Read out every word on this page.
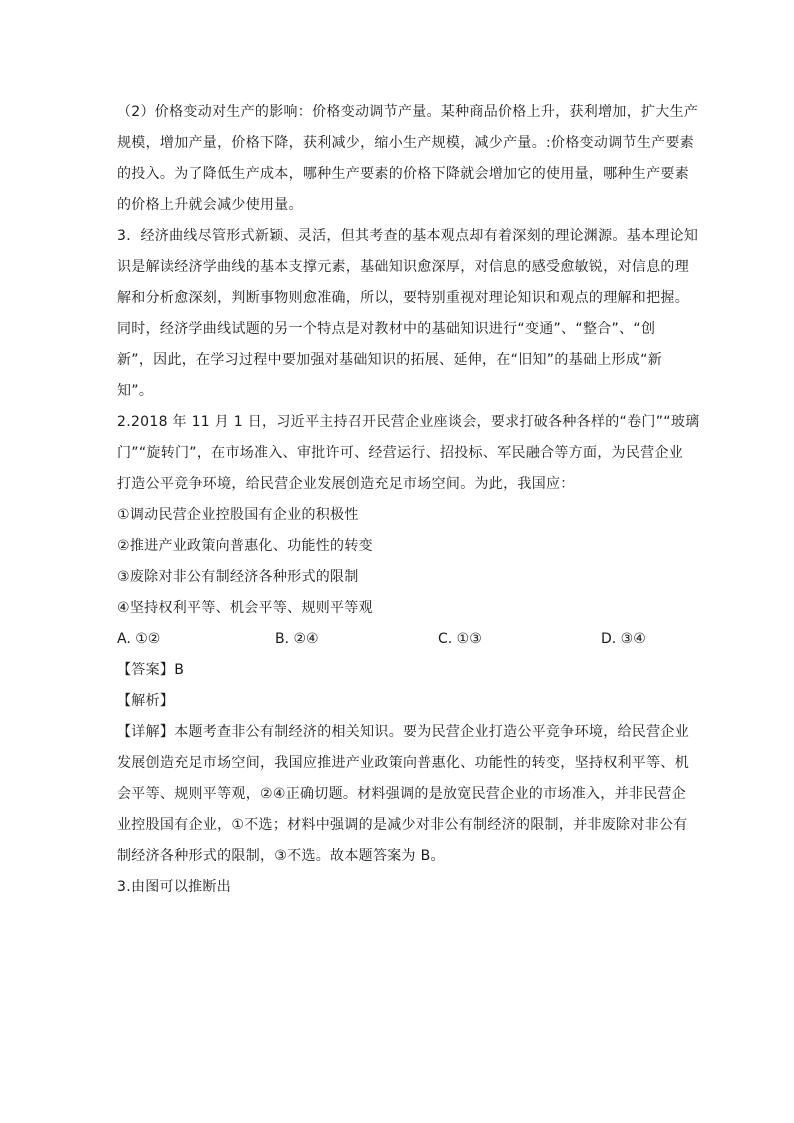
（2）价格变动对生产的影响：价格变动调节产量。某种商品价格上升，获利增加，扩大生产
规模，增加产量，价格下降，获利减少，缩小生产规模，减少产量。:价格变动调节生产要素
的投入。为了降低生产成本，哪种生产要素的价格下降就会增加它的使用量，哪种生产要素
的价格上升就会减少使用量。
3．经济曲线尽管形式新颖、灵活，但其考查的基本观点却有着深刻的理论渊源。基本理论知
识是解读经济学曲线的基本支撑元素，基础知识愈深厚，对信息的感受愈敏锐，对信息的理
解和分析愈深刻，判断事物则愈准确，所以，要特别重视对理论知识和观点的理解和把握。
同时，经济学曲线试题的另一个特点是对教材中的基础知识进行“变通”、“整合”、“创
新”，因此，在学习过程中要加强对基础知识的拓展、延伸，在“旧知”的基础上形成“新
知”。
2.2018 年 11 月 1 日，习近平主持召开民营企业座谈会，要求打破各种各样的“卷门”“玻璃
门”“旋转门”，在市场准入、审批许可、经营运行、招投标、军民融合等方面，为民营企业
打造公平竞争环境，给民营企业发展创造充足市场空间。为此，我国应：
①调动民营企业控股国有企业的积极性
②推进产业政策向普惠化、功能性的转变
③废除对非公有制经济各种形式的限制
④坚持权利平等、机会平等、规则平等观
A. ①②	B. ②④	C. ①③	D. ③④
【答案】B
【解析】
【详解】本题考查非公有制经济的相关知识。要为民营企业打造公平竞争环境，给民营企业
发展创造充足市场空间，我国应推进产业政策向普惠化、功能性的转变，坚持权利平等、机
会平等、规则平等观，②④正确切题。材料强调的是放宽民营企业的市场准入，并非民营企
业控股国有企业，①不选；材料中强调的是减少对非公有制经济的限制，并非废除对非公有
制经济各种形式的限制，③不选。故本题答案为 B。
3.由图可以推断出
